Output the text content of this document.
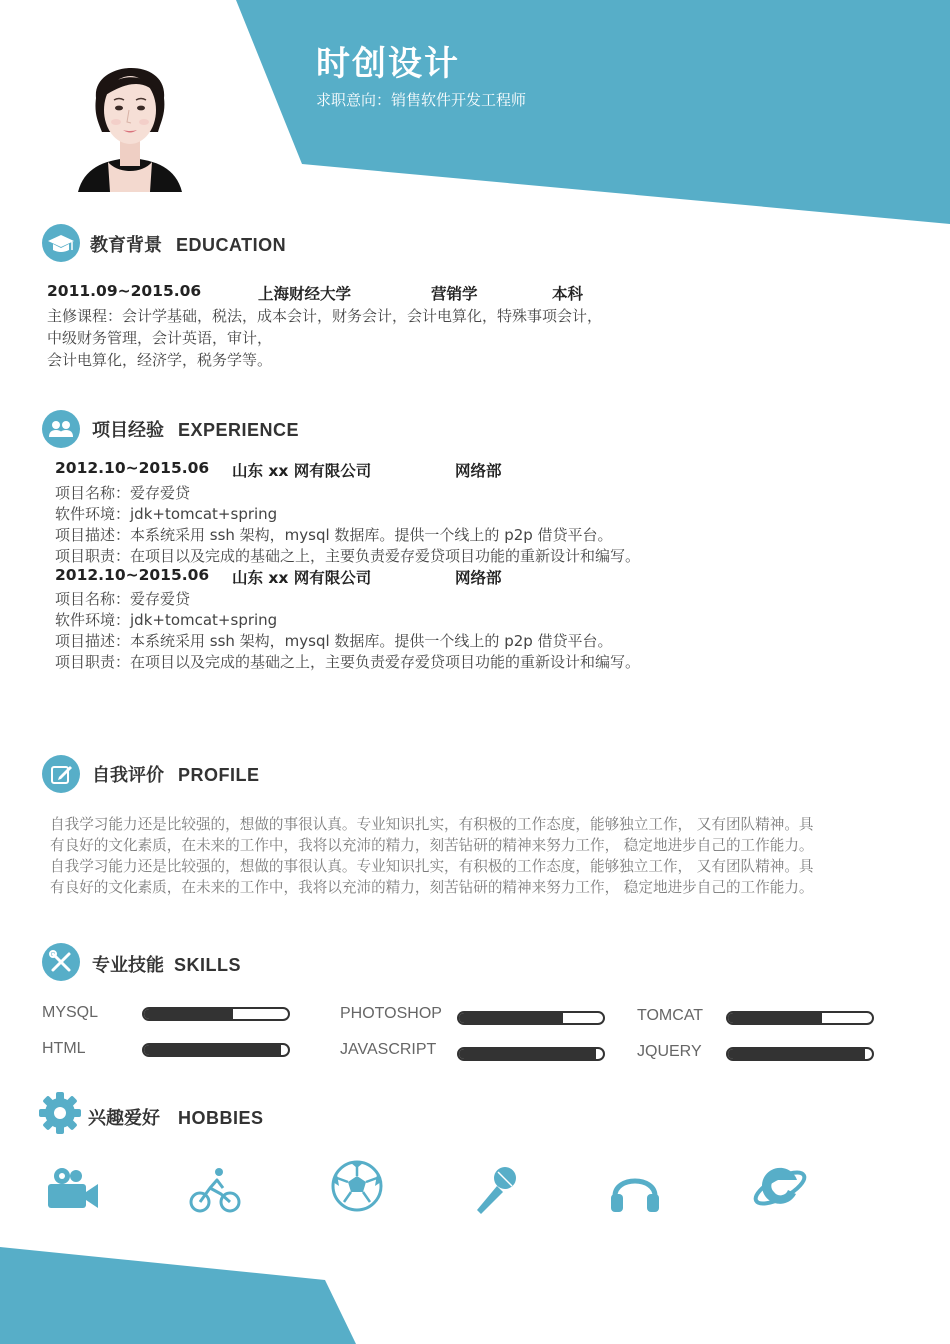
时创设计
求职意向：销售软件开发工程师
教育背景 EDUCATION
2011.09~2015.06	上海财经大学	营销学	本科
主修课程：会计学基础，税法，成本会计，财务会计，会计电算化，特殊事项会计，
中级财务管理，会计英语，审计，
会计电算化，经济学，税务学等。
项目经验 EXPERIENCE
2012.10~2015.06 山东 xx 网有限公司	网络部
项目名称：爱存爱贷
软件环境：jdk+tomcat+spring
项目描述：本系统采用 ssh 架构，mysql 数据库。提供一个线上的 p2p 借贷平台。
项目职责：在项目以及完成的基础之上，主要负责爱存爱贷项目功能的重新设计和编写。
2012.10~2015.06 山东 xx 网有限公司	网络部
项目名称：爱存爱贷
软件环境：jdk+tomcat+spring
项目描述：本系统采用 ssh 架构，mysql 数据库。提供一个线上的 p2p 借贷平台。
项目职责：在项目以及完成的基础之上，主要负责爱存爱贷项目功能的重新设计和编写。
自我评价 PROFILE
自我学习能力还是比较强的，想做的事很认真。专业知识扎实，有积极的工作态度，能够独立工作， 又有团队精神。具
有良好的文化素质，在未来的工作中，我将以充沛的精力，刻苦钻研的精神来努力工作， 稳定地进步自己的工作能力。
自我学习能力还是比较强的，想做的事很认真。专业知识扎实，有积极的工作态度，能够独立工作， 又有团队精神。具
有良好的文化素质，在未来的工作中，我将以充沛的精力，刻苦钻研的精神来努力工作， 稳定地进步自己的工作能力。
专业技能 SKILLS
MYSQL	PHOTOSHOP	TOMCAT
HTML	JAVASCRIPT	JQUERY
兴趣爱好 HOBBIES
